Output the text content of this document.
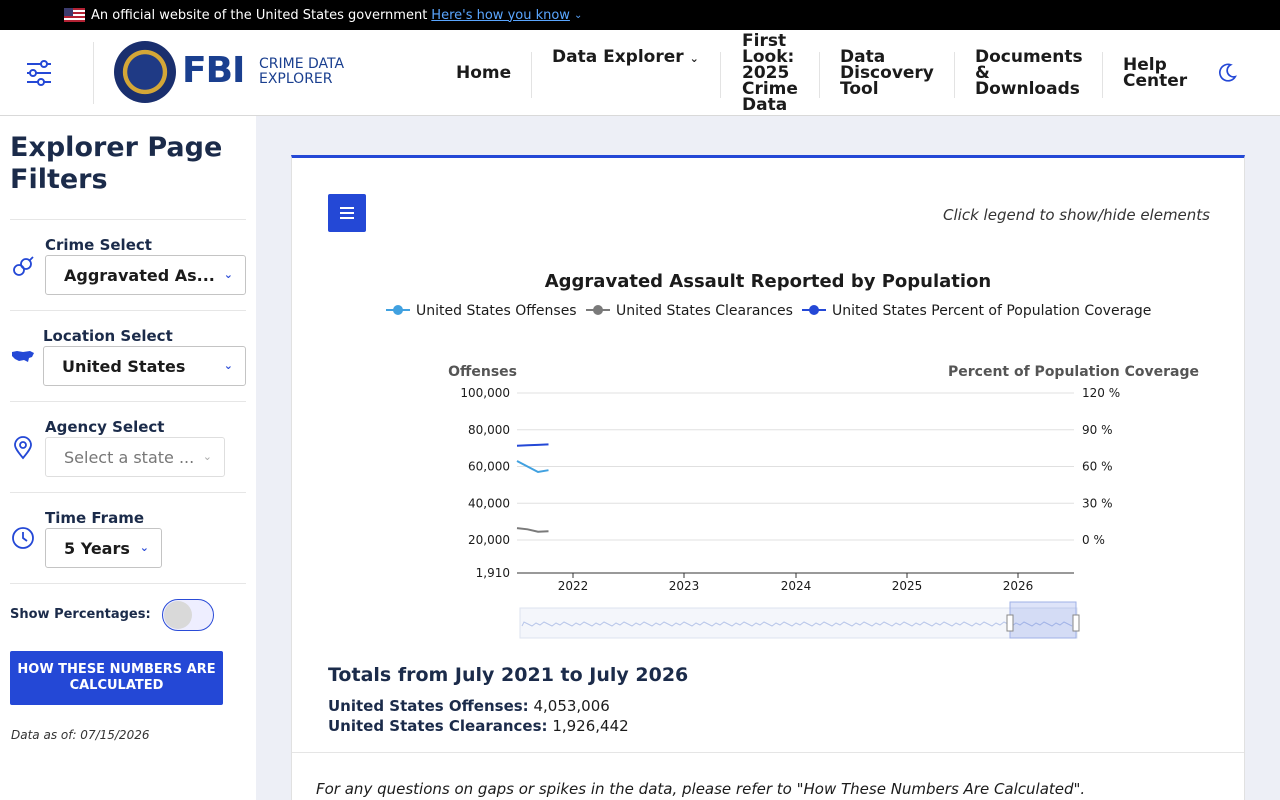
An official website of the United States government Here's how you know ⌄
FBI CRIME DATA
EXPLORER	Home
Data Explorer ⌄
First
Look:
2025
Crime
Data
Data
Discovery
Tool
Documents
&
Downloads
Help
Center
Explorer Page Filters
Crime Select
Aggravated As... ⌄
Location Select
United States	⌄
Agency Select
Select a state ... ⌄
Time Frame
5 Years ⌄
Show Percentages:
HOW THESE NUMBERS ARE CALCULATED
Data as of: 07/15/2026
Click legend to show/hide elements
Aggravated Assault Reported by Population
United States Offenses	United States Clearances	United States Percent of Population Coverage
Offenses	Percent of Population Coverage
100,000
80,000
60,000
40,000
20,000
1,910
120 %
90 %
60 %
30 %
0 %
2022	2023	2024	2025	2026
Totals from July 2021 to July 2026
United States Offenses: 4,053,006
United States Clearances: 1,926,442
For any questions on gaps or spikes in the data, please refer to "How These Numbers Are Calculated".
